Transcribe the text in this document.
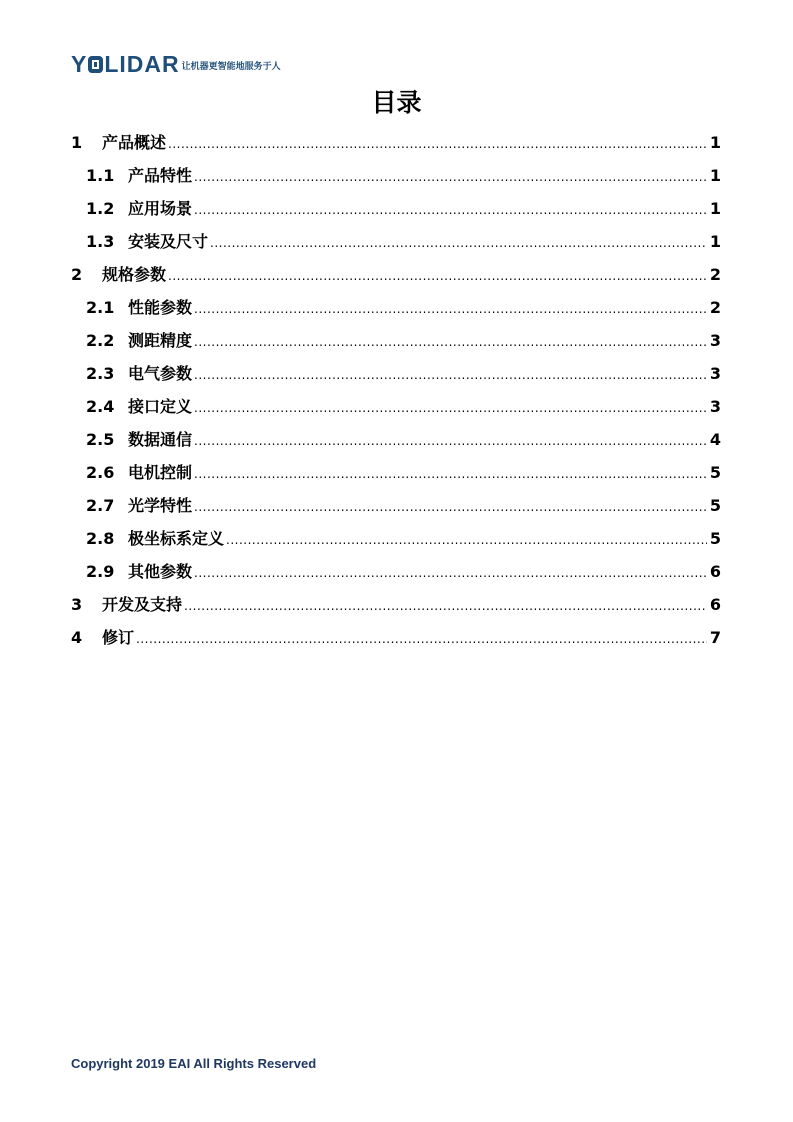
Y LIDAR 让机器更智能地服务于人
目录
1	产品概述 .....	1
1.1 产品特性 .....	1
1.2 应用场景 .....	1
1.3 安装及尺寸 .....	1
2	规格参数 .....	2
2.1 性能参数 .....	2
2.2 测距精度 .....	3
2.3 电气参数 .....	3
2.4 接口定义 .....	3
2.5 数据通信 .....	4
2.6 电机控制 .....	5
2.7 光学特性 .....	5
2.8 极坐标系定义 .....	5
2.9 其他参数 .....	6
3	开发及支持 .....	6
4	修订 .....	7
Copyright 2019 EAI All Rights Reserved
